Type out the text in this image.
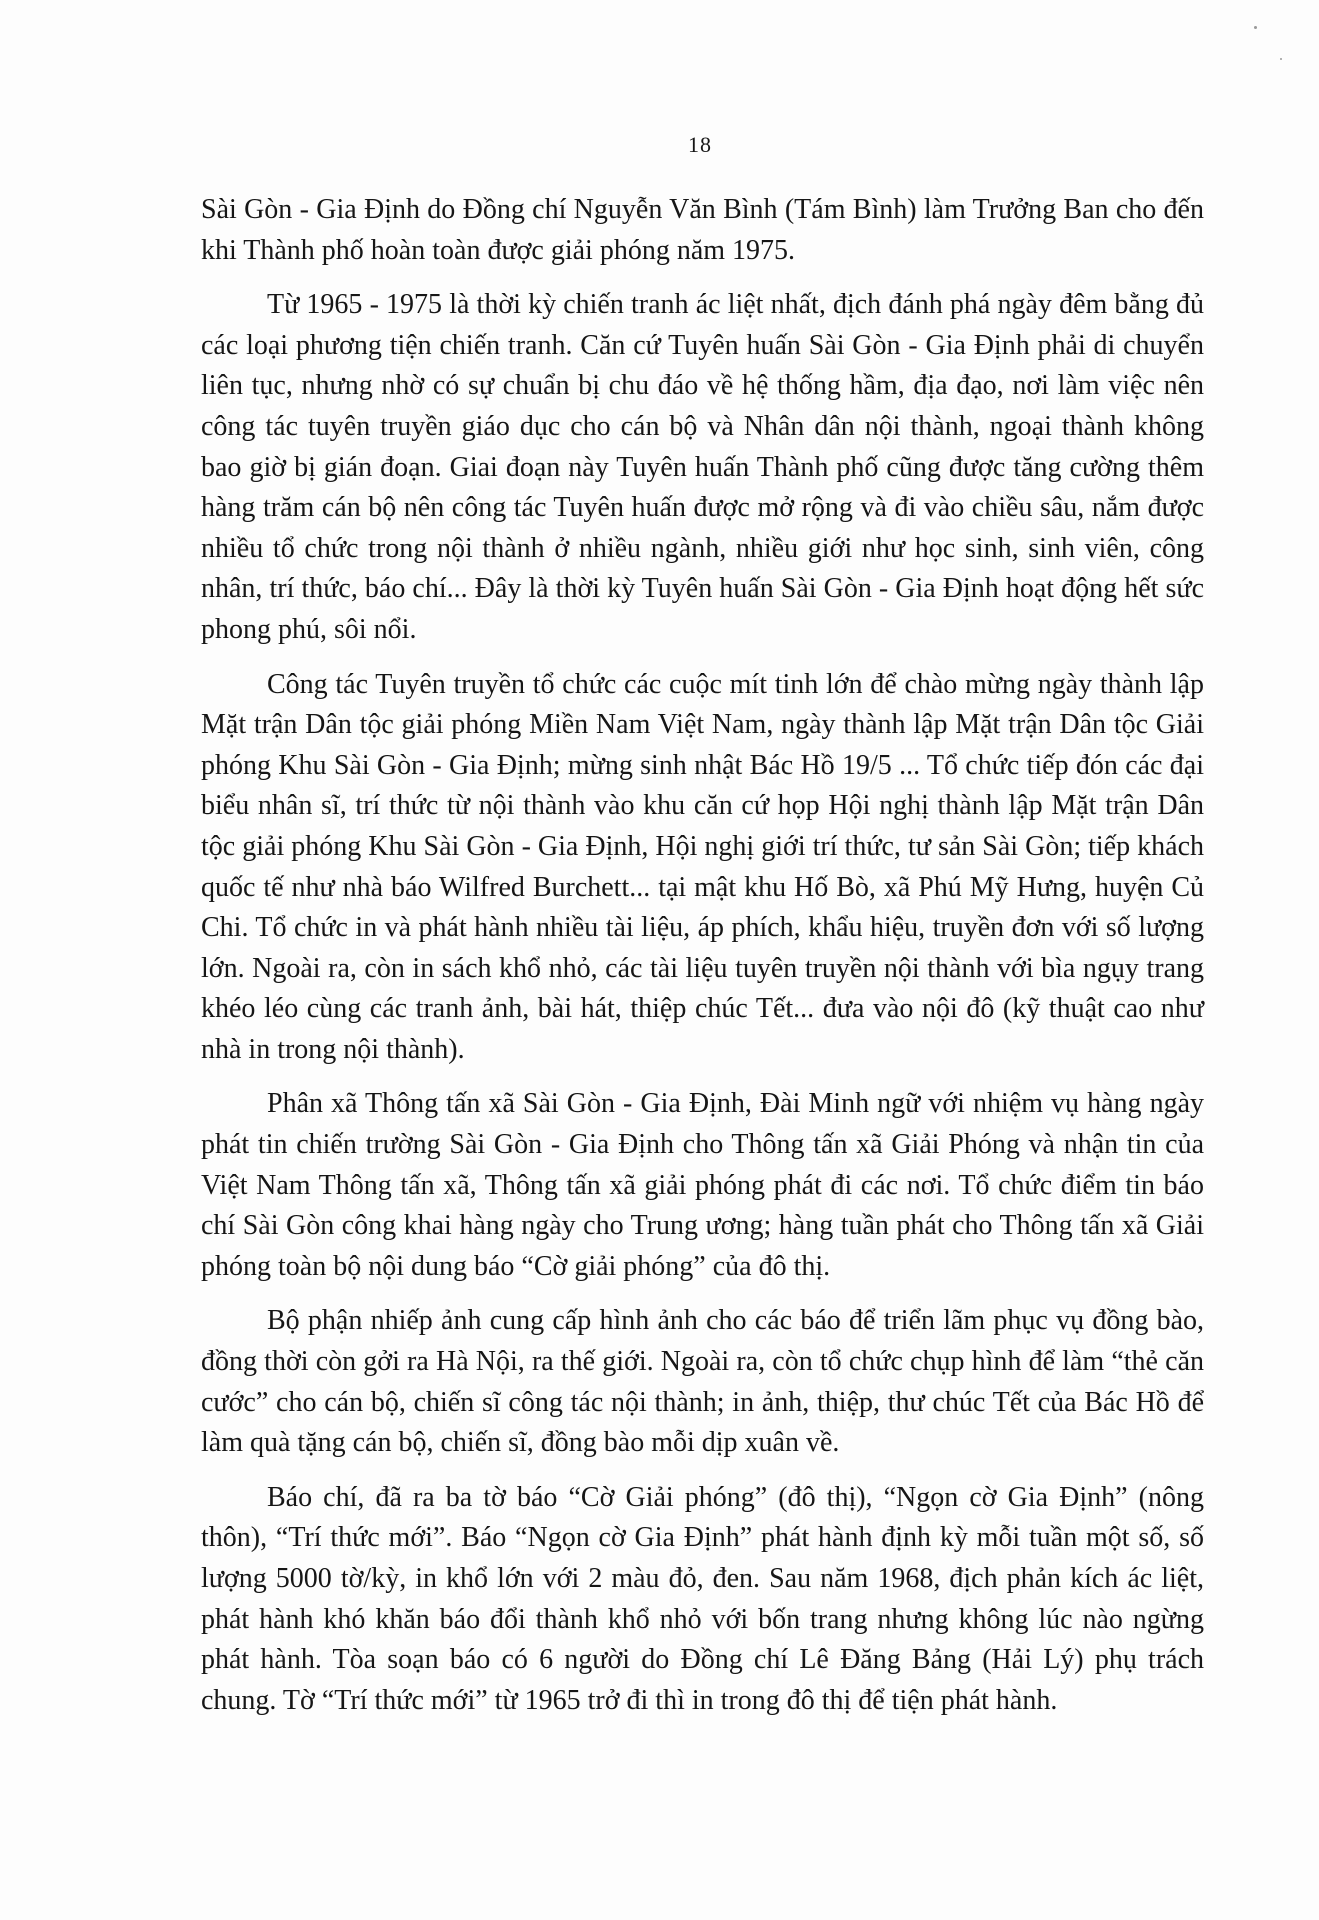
18

Sài Gòn - Gia Định do Đồng chí Nguyễn Văn Bình (Tám Bình) làm Trưởng Ban cho đến khi Thành phố hoàn toàn được giải phóng năm 1975.

Từ 1965 - 1975 là thời kỳ chiến tranh ác liệt nhất, địch đánh phá ngày đêm bằng đủ các loại phương tiện chiến tranh. Căn cứ Tuyên huấn Sài Gòn - Gia Định phải di chuyển liên tục, nhưng nhờ có sự chuẩn bị chu đáo về hệ thống hầm, địa đạo, nơi làm việc nên công tác tuyên truyền giáo dục cho cán bộ và Nhân dân nội thành, ngoại thành không bao giờ bị gián đoạn. Giai đoạn này Tuyên huấn Thành phố cũng được tăng cường thêm hàng trăm cán bộ nên công tác Tuyên huấn được mở rộng và đi vào chiều sâu, nắm được nhiều tổ chức trong nội thành ở nhiều ngành, nhiều giới như học sinh, sinh viên, công nhân, trí thức, báo chí... Đây là thời kỳ Tuyên huấn Sài Gòn - Gia Định hoạt động hết sức phong phú, sôi nổi.

Công tác Tuyên truyền tổ chức các cuộc mít tinh lớn để chào mừng ngày thành lập Mặt trận Dân tộc giải phóng Miền Nam Việt Nam, ngày thành lập Mặt trận Dân tộc Giải phóng Khu Sài Gòn - Gia Định; mừng sinh nhật Bác Hồ 19/5 ... Tổ chức tiếp đón các đại biểu nhân sĩ, trí thức từ nội thành vào khu căn cứ họp Hội nghị thành lập Mặt trận Dân tộc giải phóng Khu Sài Gòn - Gia Định, Hội nghị giới trí thức, tư sản Sài Gòn; tiếp khách quốc tế như nhà báo Wilfred Burchett... tại mật khu Hố Bò, xã Phú Mỹ Hưng, huyện Củ Chi. Tổ chức in và phát hành nhiều tài liệu, áp phích, khẩu hiệu, truyền đơn với số lượng lớn. Ngoài ra, còn in sách khổ nhỏ, các tài liệu tuyên truyền nội thành với bìa ngụy trang khéo léo cùng các tranh ảnh, bài hát, thiệp chúc Tết... đưa vào nội đô (kỹ thuật cao như nhà in trong nội thành).

Phân xã Thông tấn xã Sài Gòn - Gia Định, Đài Minh ngữ với nhiệm vụ hàng ngày phát tin chiến trường Sài Gòn - Gia Định cho Thông tấn xã Giải Phóng và nhận tin của Việt Nam Thông tấn xã, Thông tấn xã giải phóng phát đi các nơi. Tổ chức điểm tin báo chí Sài Gòn công khai hàng ngày cho Trung ương; hàng tuần phát cho Thông tấn xã Giải phóng toàn bộ nội dung báo “Cờ giải phóng” của đô thị.

Bộ phận nhiếp ảnh cung cấp hình ảnh cho các báo để triển lãm phục vụ đồng bào, đồng thời còn gởi ra Hà Nội, ra thế giới. Ngoài ra, còn tổ chức chụp hình để làm “thẻ căn cước” cho cán bộ, chiến sĩ công tác nội thành; in ảnh, thiệp, thư chúc Tết của Bác Hồ để làm quà tặng cán bộ, chiến sĩ, đồng bào mỗi dịp xuân về.

Báo chí, đã ra ba tờ báo “Cờ Giải phóng” (đô thị), “Ngọn cờ Gia Định” (nông thôn), “Trí thức mới”. Báo “Ngọn cờ Gia Định” phát hành định kỳ mỗi tuần một số, số lượng 5000 tờ/kỳ, in khổ lớn với 2 màu đỏ, đen. Sau năm 1968, địch phản kích ác liệt, phát hành khó khăn báo đổi thành khổ nhỏ với bốn trang nhưng không lúc nào ngừng phát hành. Tòa soạn báo có 6 người do Đồng chí Lê Đăng Bảng (Hải Lý) phụ trách chung. Tờ “Trí thức mới” từ 1965 trở đi thì in trong đô thị để tiện phát hành.
